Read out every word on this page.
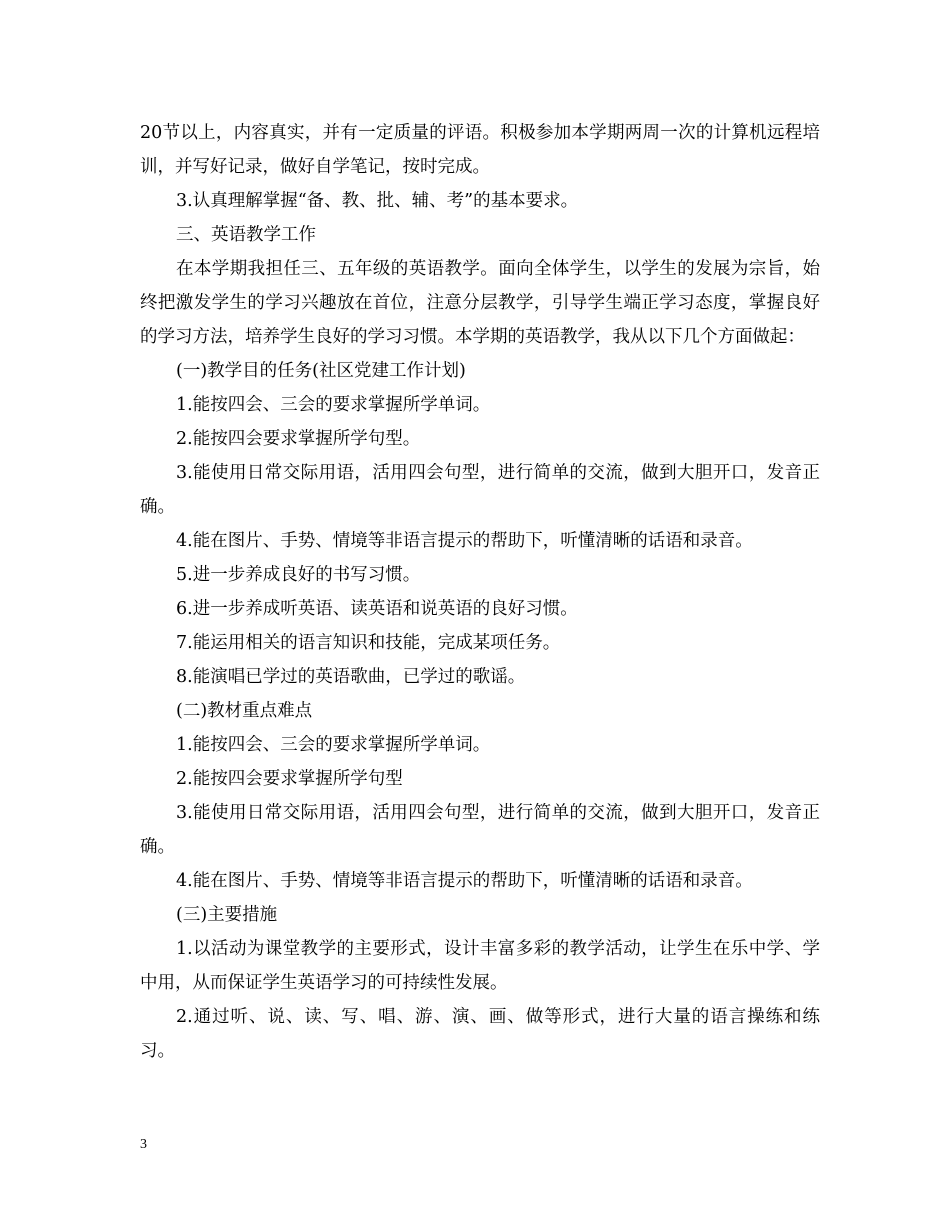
20节以上，内容真实，并有一定质量的评语。积极参加本学期两周一次的计算机远程培训，并写好记录，做好自学笔记，按时完成。

3.认真理解掌握“备、教、批、辅、考”的基本要求。

三、英语教学工作

在本学期我担任三、五年级的英语教学。面向全体学生，以学生的发展为宗旨，始终把激发学生的学习兴趣放在首位，注意分层教学，引导学生端正学习态度，掌握良好的学习方法，培养学生良好的学习习惯。本学期的英语教学，我从以下几个方面做起：

(一)教学目的任务(社区党建工作计划)

1.能按四会、三会的要求掌握所学单词。

2.能按四会要求掌握所学句型。

3.能使用日常交际用语，活用四会句型，进行简单的交流，做到大胆开口，发音正确。

4.能在图片、手势、情境等非语言提示的帮助下，听懂清晰的话语和录音。

5.进一步养成良好的书写习惯。

6.进一步养成听英语、读英语和说英语的良好习惯。

7.能运用相关的语言知识和技能，完成某项任务。

8.能演唱已学过的英语歌曲，已学过的歌谣。

(二)教材重点难点

1.能按四会、三会的要求掌握所学单词。

2.能按四会要求掌握所学句型

3.能使用日常交际用语，活用四会句型，进行简单的交流，做到大胆开口，发音正确。

4.能在图片、手势、情境等非语言提示的帮助下，听懂清晰的话语和录音。

(三)主要措施

1.以活动为课堂教学的主要形式，设计丰富多彩的教学活动，让学生在乐中学、学中用，从而保证学生英语学习的可持续性发展。

2.通过听、说、读、写、唱、游、演、画、做等形式，进行大量的语言操练和练习。

3
